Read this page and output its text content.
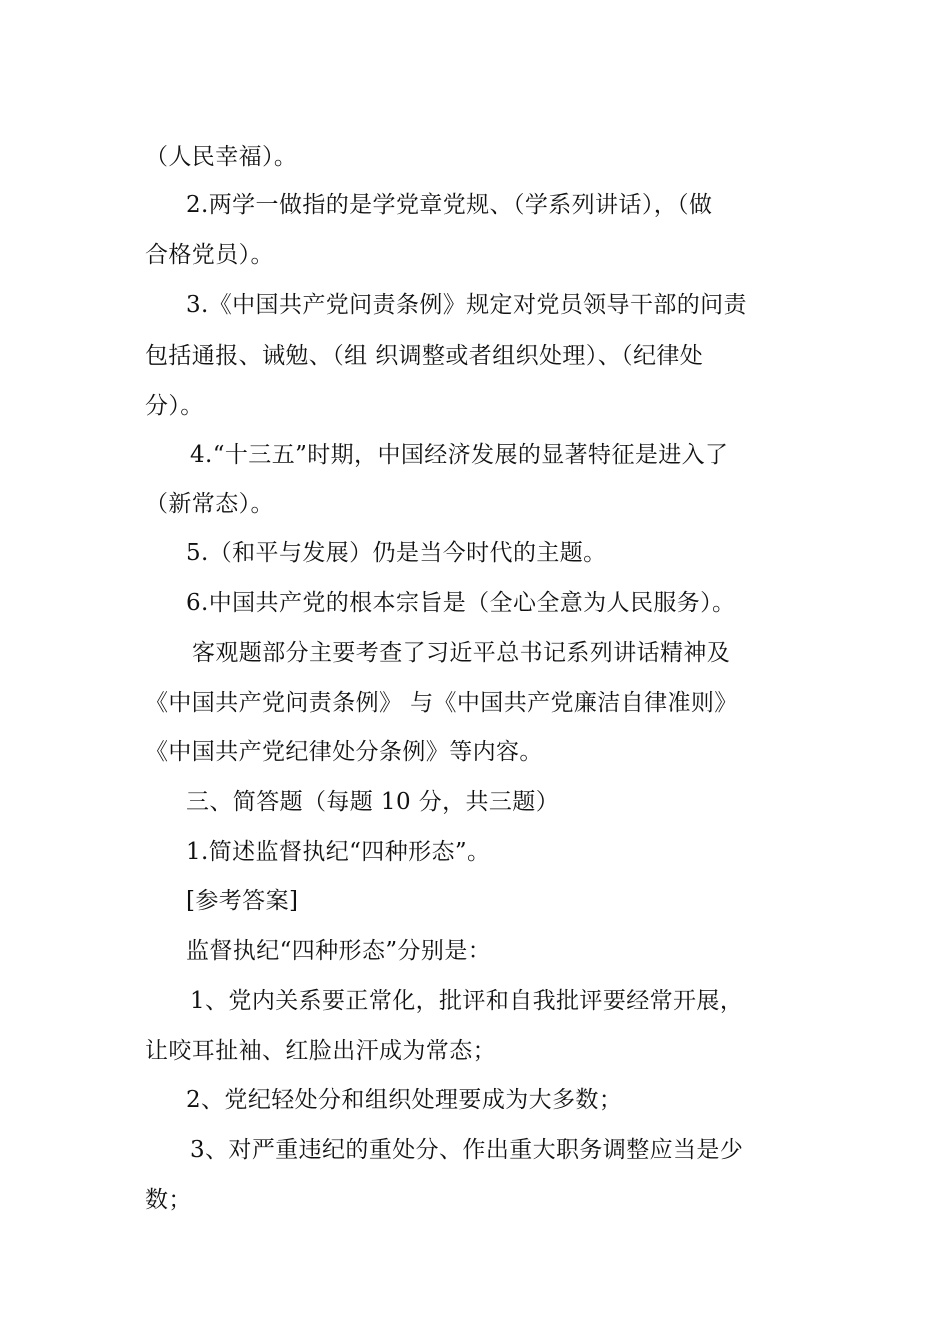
（人民幸福）。
2.两学一做指的是学党章党规、（学系列讲话），（做
合格党员）。
3.《中国共产党问责条例》规定对党员领导干部的问责
包括通报、诫勉、（组 织调整或者组织处理）、（纪律处
分）。
4.“十三五”时期，中国经济发展的显著特征是进入了
（新常态）。
5.（和平与发展）仍是当今时代的主题。
6.中国共产党的根本宗旨是（全心全意为人民服务）。
客观题部分主要考查了习近平总书记系列讲话精神及
《中国共产党问责条例》 与《中国共产党廉洁自律准则》
《中国共产党纪律处分条例》等内容。
三、简答题（每题 10 分，共三题）
1.简述监督执纪“四种形态”。
[参考答案]
监督执纪“四种形态”分别是：
1、党内关系要正常化，批评和自我批评要经常开展，
让咬耳扯袖、红脸出汗成为常态；
2、党纪轻处分和组织处理要成为大多数；
3、对严重违纪的重处分、作出重大职务调整应当是少
数；
